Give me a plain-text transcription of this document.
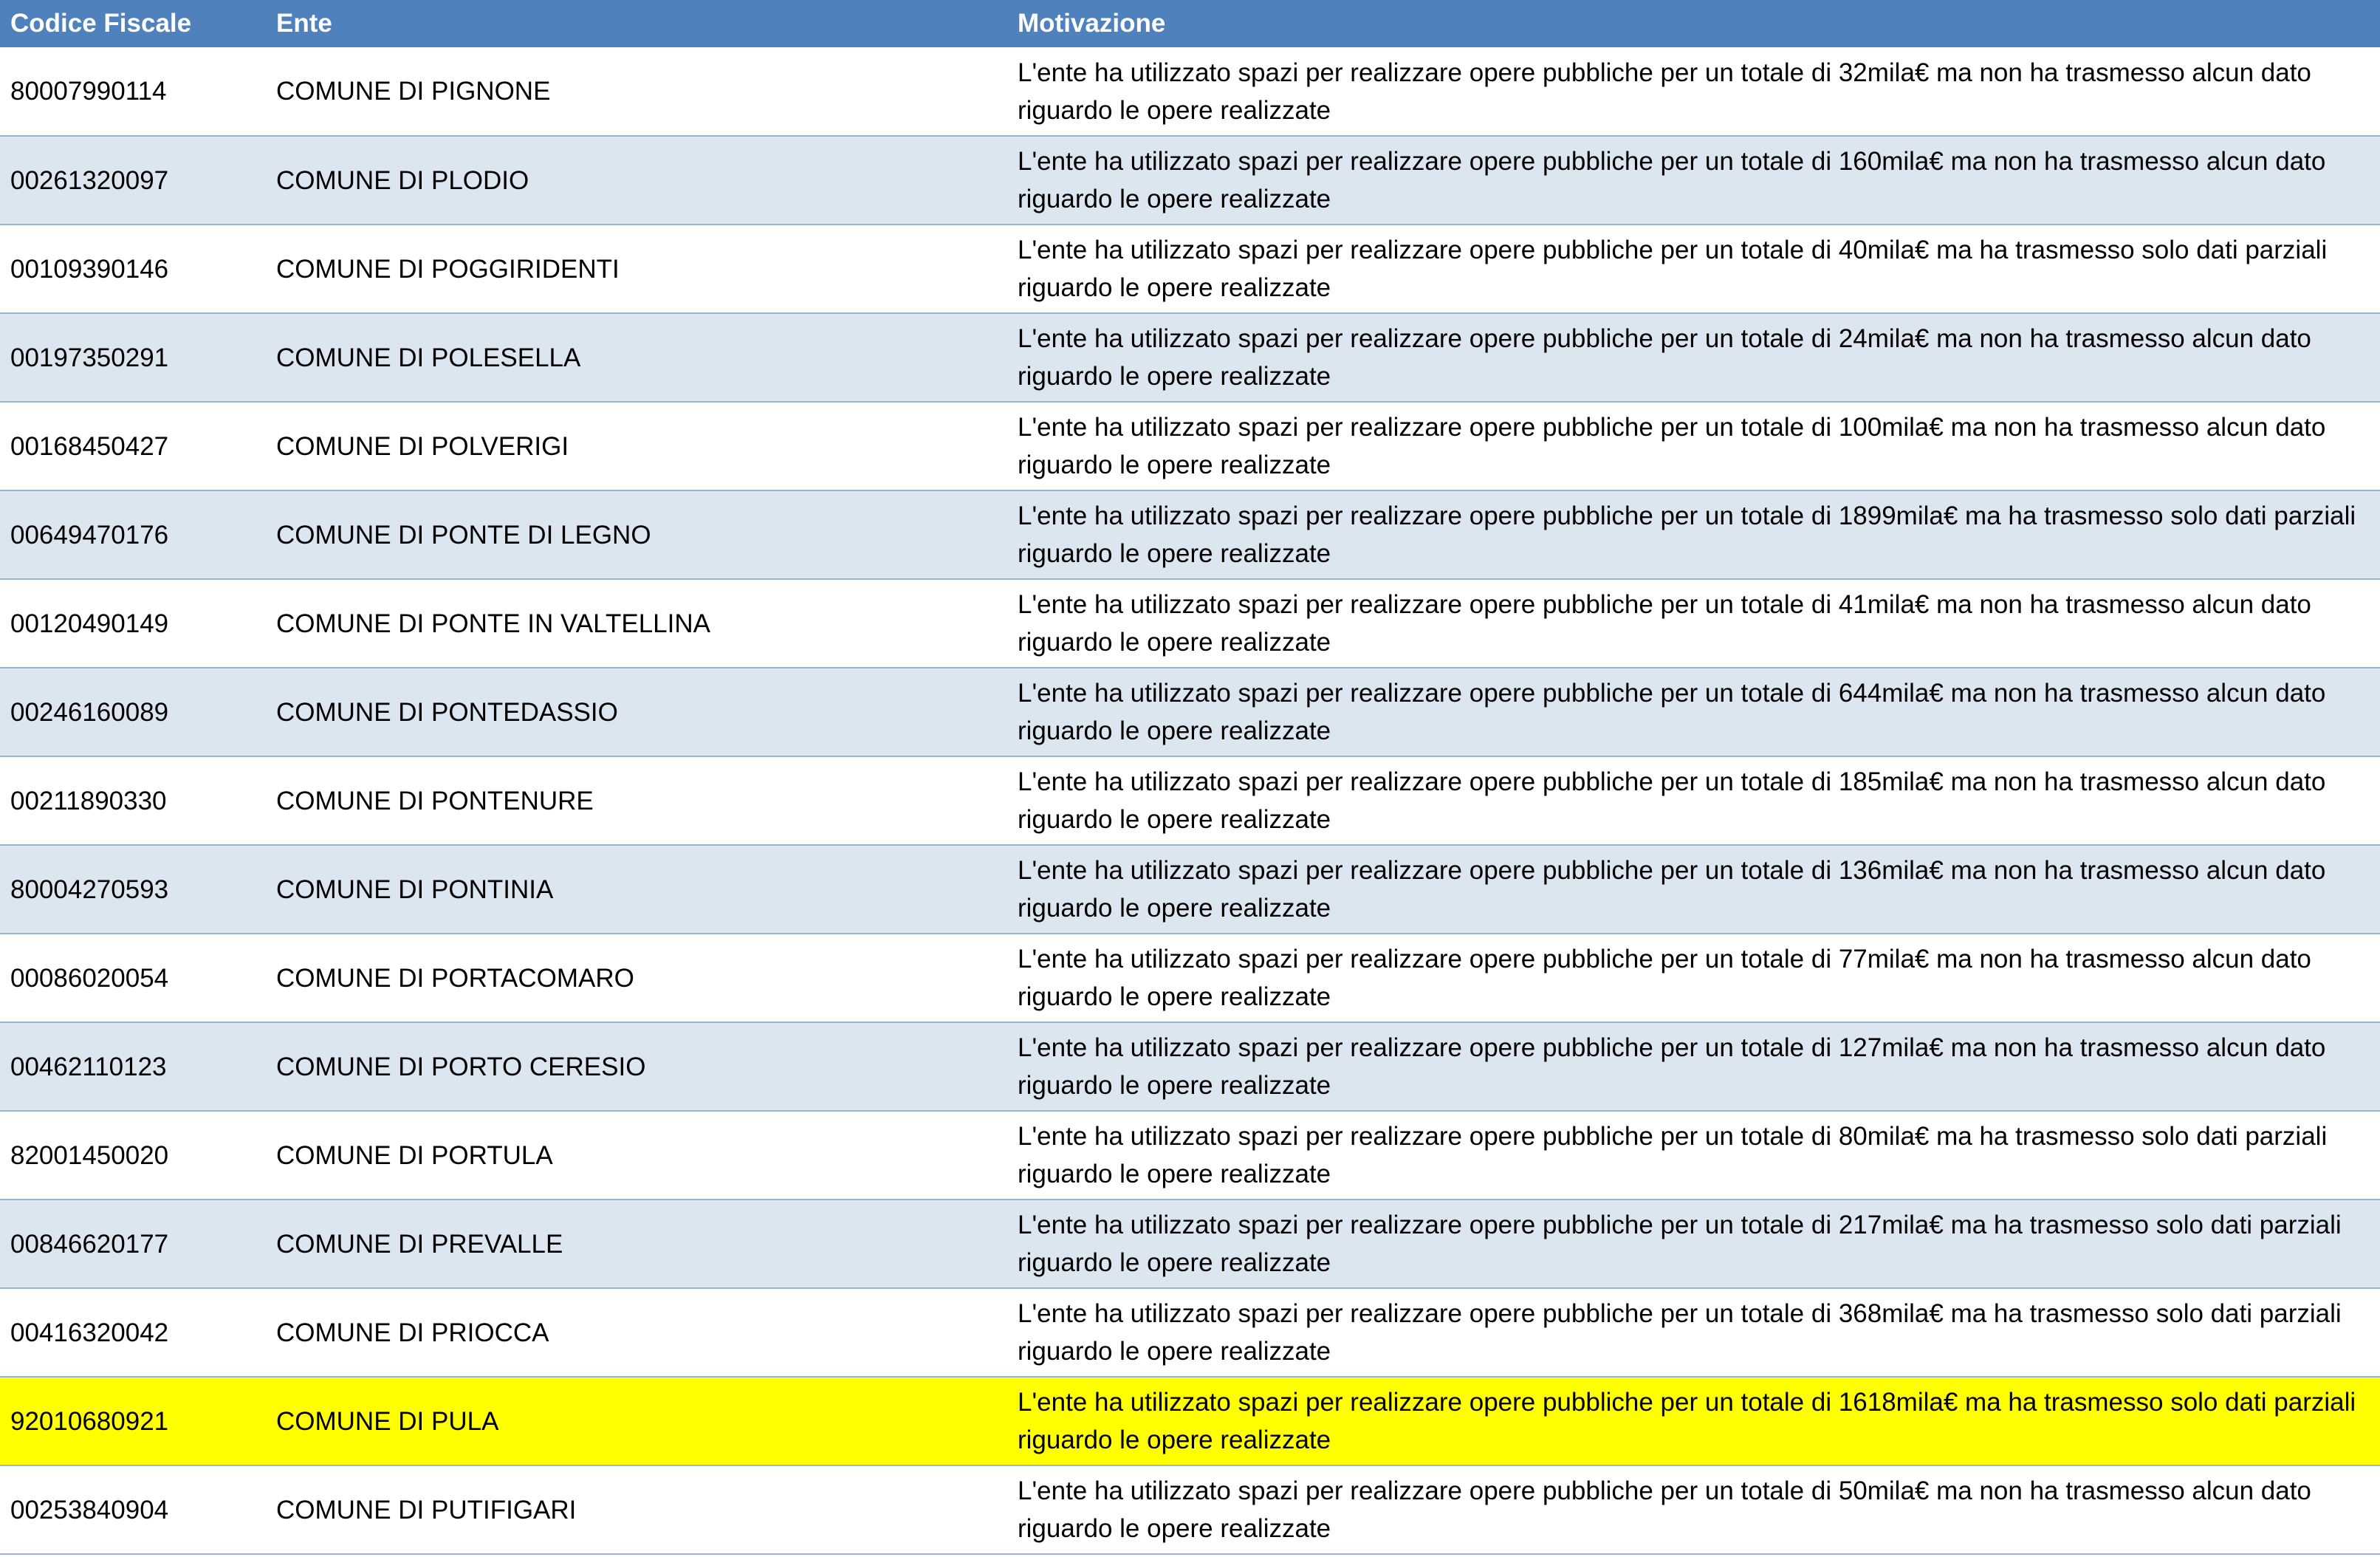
Codice Fiscale	Ente	Motivazione
80007990114	COMUNE DI PIGNONE	L'ente ha utilizzato spazi per realizzare opere pubbliche per un totale di 32mila€ ma non ha trasmesso alcun dato riguardo le opere realizzate
00261320097	COMUNE DI PLODIO	L'ente ha utilizzato spazi per realizzare opere pubbliche per un totale di 160mila€ ma non ha trasmesso alcun dato riguardo le opere realizzate
00109390146	COMUNE DI POGGIRIDENTI	L'ente ha utilizzato spazi per realizzare opere pubbliche per un totale di 40mila€ ma ha trasmesso solo dati parziali riguardo le opere realizzate
00197350291	COMUNE DI POLESELLA	L'ente ha utilizzato spazi per realizzare opere pubbliche per un totale di 24mila€ ma non ha trasmesso alcun dato riguardo le opere realizzate
00168450427	COMUNE DI POLVERIGI	L'ente ha utilizzato spazi per realizzare opere pubbliche per un totale di 100mila€ ma non ha trasmesso alcun dato riguardo le opere realizzate
00649470176	COMUNE DI PONTE DI LEGNO	L'ente ha utilizzato spazi per realizzare opere pubbliche per un totale di 1899mila€ ma ha trasmesso solo dati parziali riguardo le opere realizzate
00120490149	COMUNE DI PONTE IN VALTELLINA	L'ente ha utilizzato spazi per realizzare opere pubbliche per un totale di 41mila€ ma non ha trasmesso alcun dato riguardo le opere realizzate
00246160089	COMUNE DI PONTEDASSIO	L'ente ha utilizzato spazi per realizzare opere pubbliche per un totale di 644mila€ ma non ha trasmesso alcun dato riguardo le opere realizzate
00211890330	COMUNE DI PONTENURE	L'ente ha utilizzato spazi per realizzare opere pubbliche per un totale di 185mila€ ma non ha trasmesso alcun dato riguardo le opere realizzate
80004270593	COMUNE DI PONTINIA	L'ente ha utilizzato spazi per realizzare opere pubbliche per un totale di 136mila€ ma non ha trasmesso alcun dato riguardo le opere realizzate
00086020054	COMUNE DI PORTACOMARO	L'ente ha utilizzato spazi per realizzare opere pubbliche per un totale di 77mila€ ma non ha trasmesso alcun dato riguardo le opere realizzate
00462110123	COMUNE DI PORTO CERESIO	L'ente ha utilizzato spazi per realizzare opere pubbliche per un totale di 127mila€ ma non ha trasmesso alcun dato riguardo le opere realizzate
82001450020	COMUNE DI PORTULA	L'ente ha utilizzato spazi per realizzare opere pubbliche per un totale di 80mila€ ma ha trasmesso solo dati parziali riguardo le opere realizzate
00846620177	COMUNE DI PREVALLE	L'ente ha utilizzato spazi per realizzare opere pubbliche per un totale di 217mila€ ma ha trasmesso solo dati parziali riguardo le opere realizzate
00416320042	COMUNE DI PRIOCCA	L'ente ha utilizzato spazi per realizzare opere pubbliche per un totale di 368mila€ ma ha trasmesso solo dati parziali riguardo le opere realizzate
92010680921	COMUNE DI PULA	L'ente ha utilizzato spazi per realizzare opere pubbliche per un totale di 1618mila€ ma ha trasmesso solo dati parziali riguardo le opere realizzate
00253840904	COMUNE DI PUTIFIGARI	L'ente ha utilizzato spazi per realizzare opere pubbliche per un totale di 50mila€ ma non ha trasmesso alcun dato riguardo le opere realizzate
